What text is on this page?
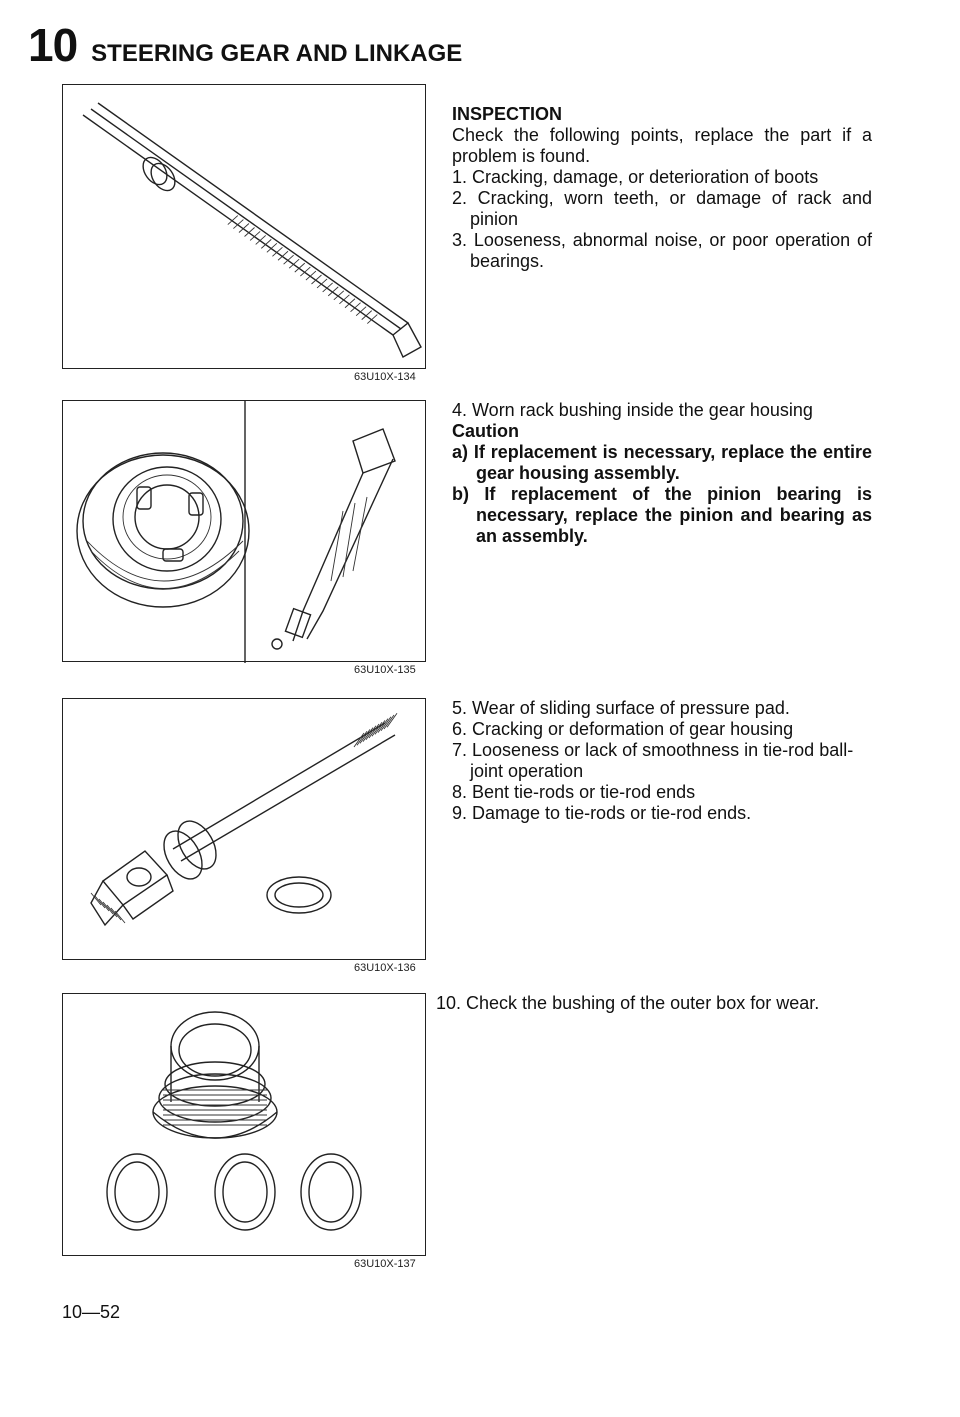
10 STEERING GEAR AND LINKAGE
63U10X-134
63U10X-135
63U10X-136
63U10X-137

INSPECTION

Check the following points, replace the part if a problem is found.

1. Cracking, damage, or deterioration of boots

2. Cracking, worn teeth, or damage of rack and pinion

3. Looseness, abnormal noise, or poor operation of bearings.

4. Worn rack bushing inside the gear housing

Caution

a) If replacement is necessary, replace the entire gear housing assembly.

b) If replacement of the pinion bearing is necessary, replace the pinion and bearing as an assembly.

5. Wear of sliding surface of pressure pad.

6. Cracking or deformation of gear housing

7. Looseness or lack of smoothness in tie-rod ball-joint operation

8. Bent tie-rods or tie-rod ends

9. Damage to tie-rods or tie-rod ends.

10. Check the bushing of the outer box for wear.

10—52
